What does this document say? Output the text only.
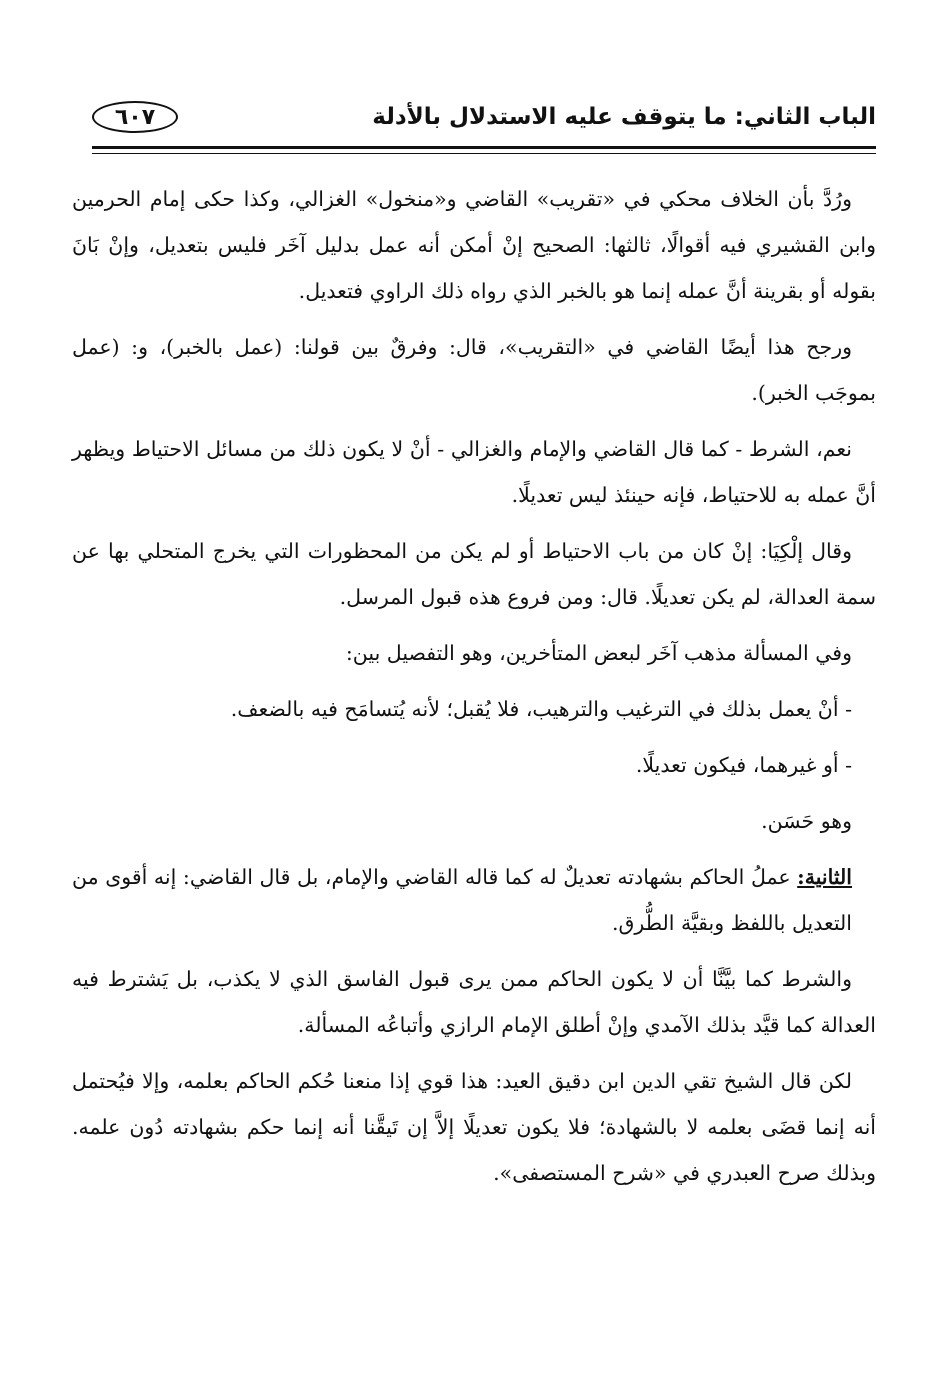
الباب الثاني: ما يتوقف عليه الاستدلال بالأدلة
٦٠٧

ورُدَّ بأن الخلاف محكي في «تقريب» القاضي و«منخول» الغزالي، وكذا حكى إمام الحرمين وابن القشيري فيه أقوالًا، ثالثها: الصحيح إنْ أمكن أنه عمل بدليل آخَر فليس بتعديل، وإنْ بَانَ بقوله أو بقرينة أنَّ عمله إنما هو بالخبر الذي رواه ذلك الراوي فتعديل.

ورجح هذا أيضًا القاضي في «التقريب»، قال: وفرقٌ بين قولنا: (عمل بالخبر)، و: (عمل بموجَب الخبر).

نعم، الشرط - كما قال القاضي والإمام والغزالي - أنْ لا يكون ذلك من مسائل الاحتياط ويظهر أنَّ عمله به للاحتياط، فإنه حينئذ ليس تعديلًا.

وقال إلْكِيَا: إنْ كان من باب الاحتياط أو لم يكن من المحظورات التي يخرج المتحلي بها عن سمة العدالة، لم يكن تعديلًا. قال: ومن فروع هذه قبول المرسل.

وفي المسألة مذهب آخَر لبعض المتأخرين، وهو التفصيل بين:

- أنْ يعمل بذلك في الترغيب والترهيب، فلا يُقبل؛ لأنه يُتسامَح فيه بالضعف.

- أو غيرهما، فيكون تعديلًا.

وهو حَسَن.

الثانية: عملُ الحاكم بشهادته تعديلٌ له كما قاله القاضي والإمام، بل قال القاضي: إنه أقوى من التعديل باللفظ وبقيَّة الطُّرق.

والشرط كما بيَّنَّا أن لا يكون الحاكم ممن يرى قبول الفاسق الذي لا يكذب، بل يَشترط فيه العدالة كما قيَّد بذلك الآمدي وإنْ أطلق الإمام الرازي وأتباعُه المسألة.

لكن قال الشيخ تقي الدين ابن دقيق العيد: هذا قوي إذا منعنا حُكم الحاكم بعلمه، وإلا فيُحتمل أنه إنما قضَى بعلمه لا بالشهادة؛ فلا يكون تعديلًا إلاَّ إن تَيقَّنا أنه إنما حكم بشهادته دُون علمه. وبذلك صرح العبدري في «شرح المستصفى».
